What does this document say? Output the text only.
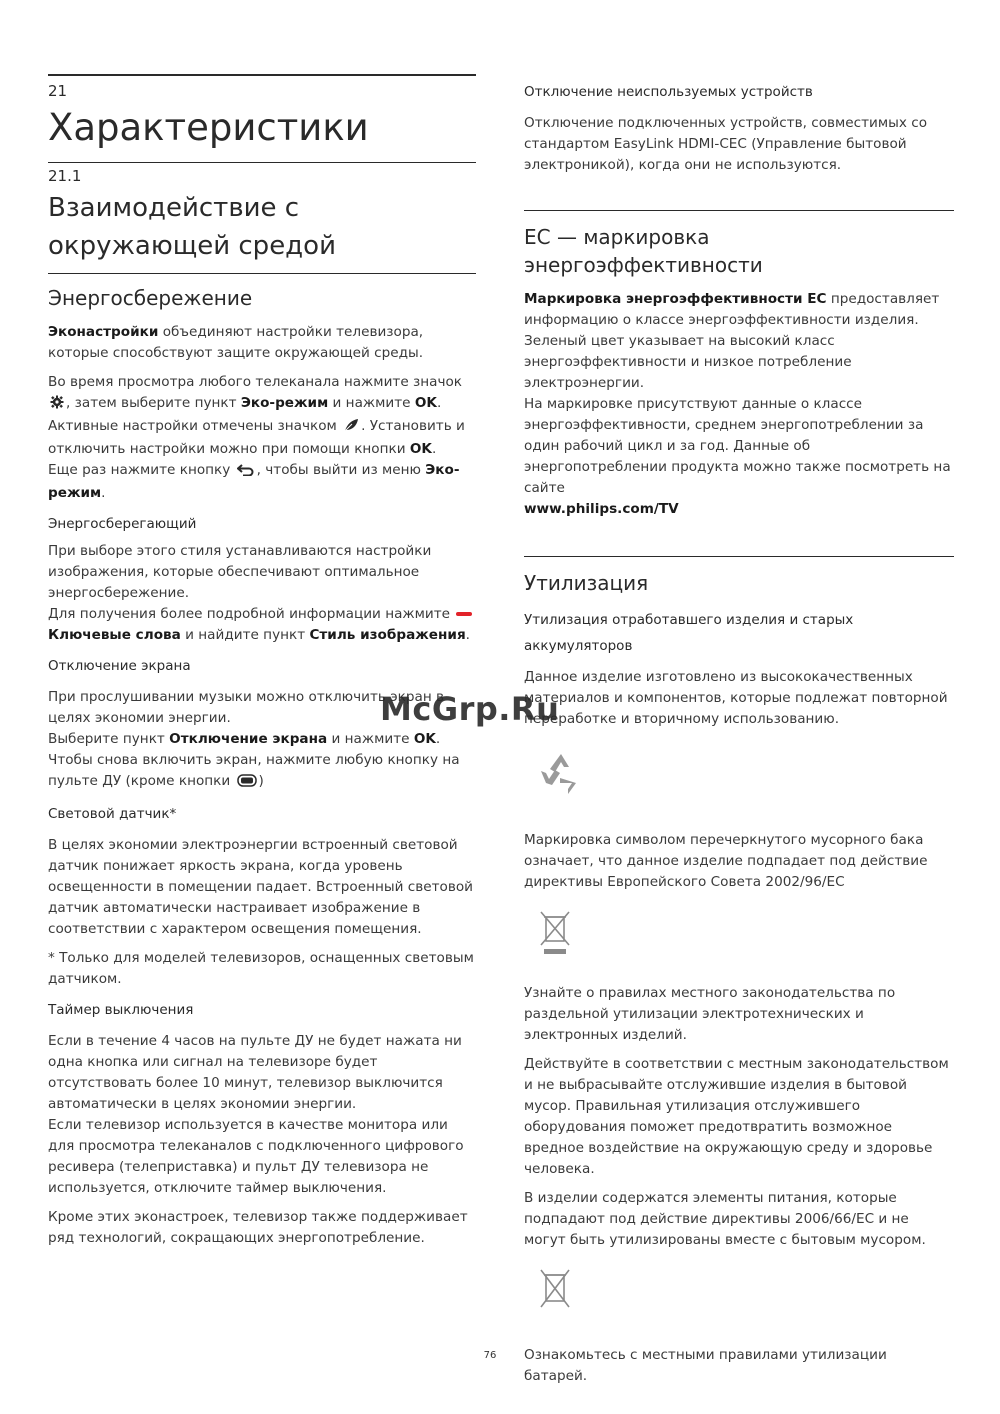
21
Характеристики
21.1
Взаимодействие с окружающей средой
Энергосбережение

Эконастройки объединяют настройки телевизора, которые способствуют защите окружающей среды.

Во время просмотра любого телеканала нажмите значок , затем выберите пункт Эко-режим и нажмите OK.

Активные настройки отмечены значком . Установить и отключить настройки можно при помощи кнопки OK.

Еще раз нажмите кнопку , чтобы выйти из меню Эко-режим.

Энергосберегающий

При выборе этого стиля устанавливаются настройки изображения, которые обеспечивают оптимальное энергосбережение.

Для получения более подробной информации нажмите  Ключевые слова и найдите пункт Стиль изображения.

Отключение экрана

При прослушивании музыки можно отключить экран в целях экономии энергии.

Выберите пункт Отключение экрана и нажмите OK. Чтобы снова включить экран, нажмите любую кнопку на пульте ДУ (кроме кнопки )

Световой датчик*

В целях экономии электроэнергии встроенный световой датчик понижает яркость экрана, когда уровень освещенности в помещении падает. Встроенный световой датчик автоматически настраивает изображение в соответствии с характером освещения помещения.

* Только для моделей телевизоров, оснащенных световым датчиком.

Таймер выключения

Если в течение 4 часов на пульте ДУ не будет нажата ни одна кнопка или сигнал на телевизоре будет отсутствовать более 10 минут, телевизор выключится автоматически в целях экономии энергии.

Если телевизор используется в качестве монитора или для просмотра телеканалов с подключенного цифрового ресивера (телеприставка) и пульт ДУ телевизора не используется, отключите таймер выключения.

Кроме этих эконастроек, телевизор также поддерживает ряд технологий, сокращающих энергопотребление.

Отключение неиспользуемых устройств

Отключение подключенных устройств, совместимых со стандартом EasyLink HDMI-CEC (Управление бытовой электроникой), когда они не используются.

EC — маркировка энергоэффективности

Маркировка энергоэффективности EC предоставляет информацию о классе энергоэффективности изделия. Зеленый цвет указывает на высокий класс энергоэффективности и низкое потребление электроэнергии.

На маркировке присутствуют данные о классе энергоэффективности, среднем энергопотреблении за один рабочий цикл и за год. Данные об энергопотреблении продукта можно также посмотреть на сайте

www.philips.com/TV

Утилизация
Утилизация отработавшего изделия и старых аккумуляторов

Данное изделие изготовлено из высококачественных материалов и компонентов, которые подлежат повторной переработке и вторичному использованию.

Маркировка символом перечеркнутого мусорного бака означает, что данное изделие подпадает под действие директивы Европейского Совета 2002/96/EC

Узнайте о правилах местного законодательства по раздельной утилизации электротехнических и электронных изделий.

Действуйте в соответствии с местным законодательством и не выбрасывайте отслужившие изделия в бытовой мусор. Правильная утилизация отслужившего оборудования поможет предотвратить возможное вредное воздействие на окружающую среду и здоровье человека.

В изделии содержатся элементы питания, которые подпадают под действие директивы 2006/66/EC и не могут быть утилизированы вместе с бытовым мусором.

Ознакомьтесь с местными правилами утилизации батарей.

McGrp.Ru
76
